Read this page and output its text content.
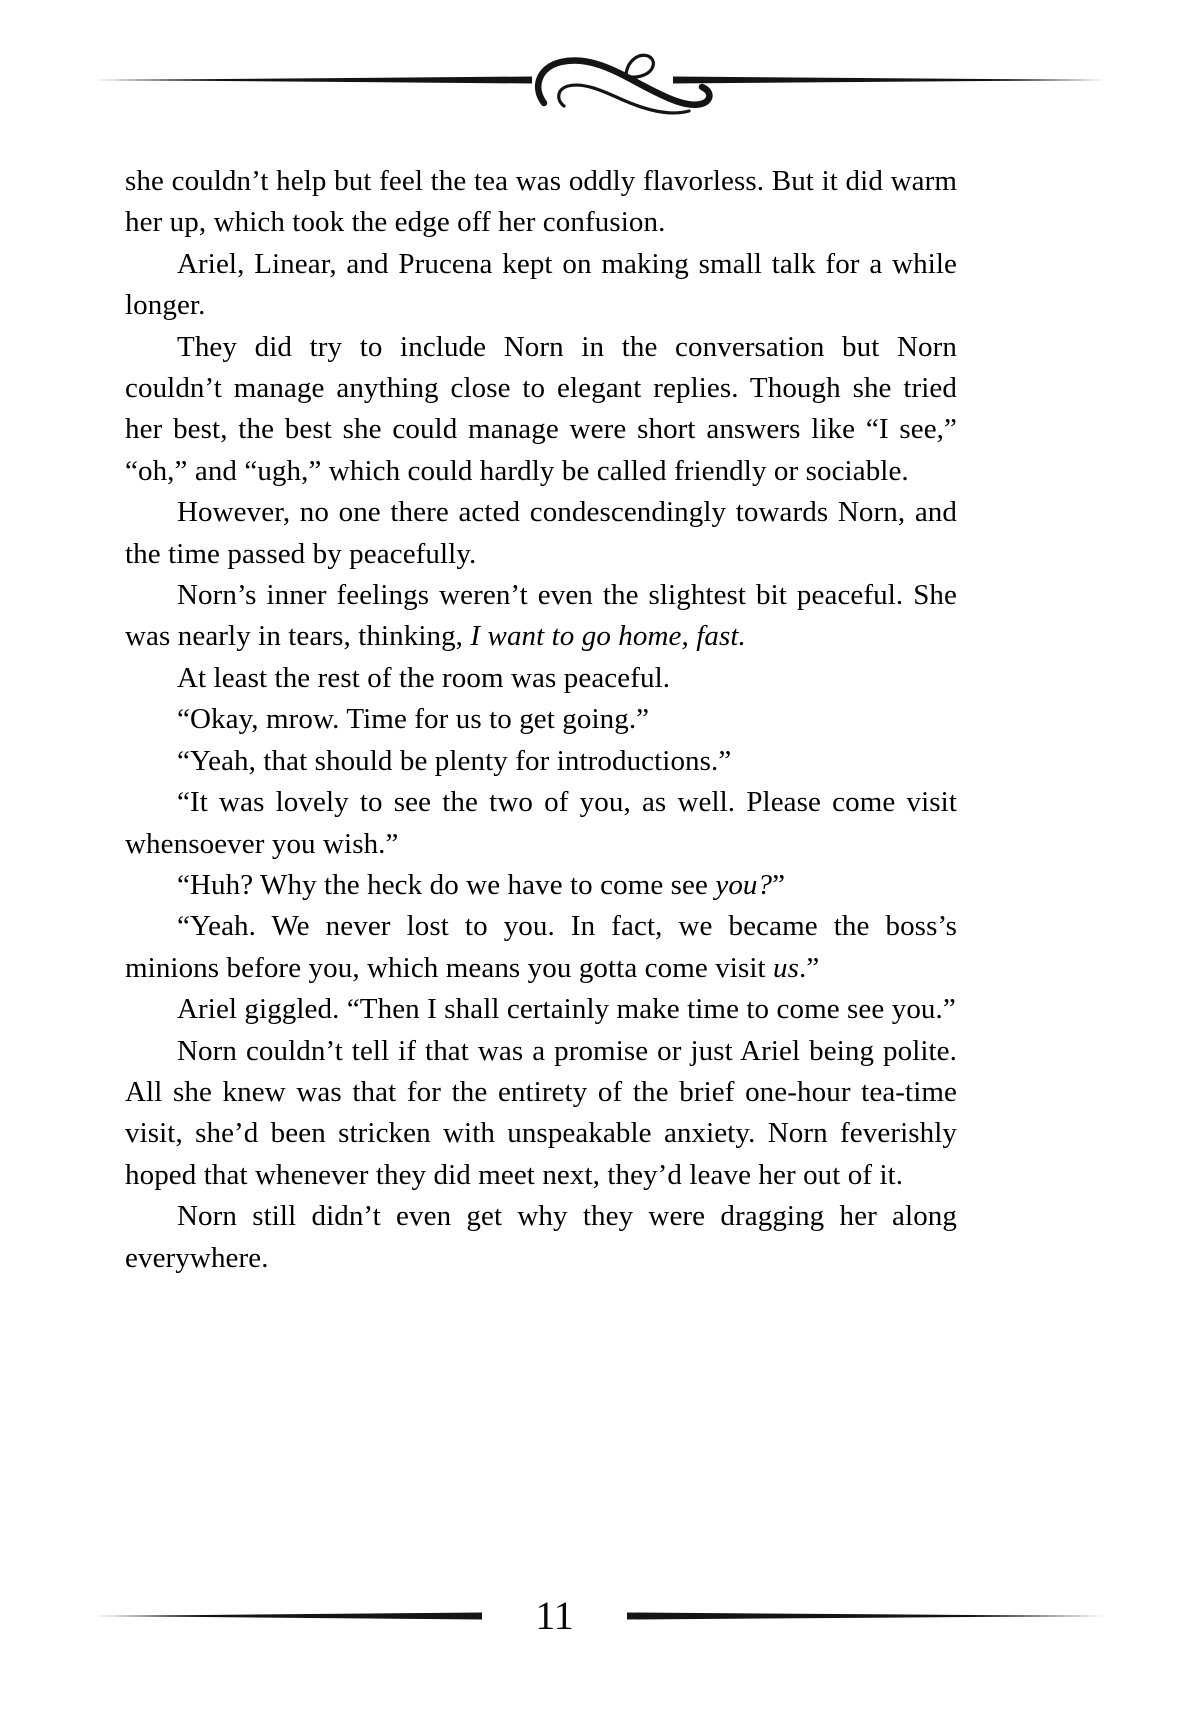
she couldn’t help but feel the tea was oddly flavorless. But it did warm her up, which took the edge off her confusion.

Ariel, Linear, and Prucena kept on making small talk for a while longer.

They did try to include Norn in the conversation but Norn couldn’t manage anything close to elegant replies. Though she tried her best, the best she could manage were short answers like “I see,” “oh,” and “ugh,” which could hardly be called friendly or sociable.

However, no one there acted condescendingly towards Norn, and the time passed by peacefully.

Norn’s inner feelings weren’t even the slightest bit peaceful. She was nearly in tears, thinking, I want to go home, fast.

At least the rest of the room was peaceful.

“Okay, mrow. Time for us to get going.”

“Yeah, that should be plenty for introductions.”

“It was lovely to see the two of you, as well. Please come visit whensoever you wish.”

“Huh? Why the heck do we have to come see you?”

“Yeah. We never lost to you. In fact, we became the boss’s minions before you, which means you gotta come visit us.”

Ariel giggled. “Then I shall certainly make time to come see you.”

Norn couldn’t tell if that was a promise or just Ariel being polite. All she knew was that for the entirety of the brief one-hour tea-time visit, she’d been stricken with unspeakable anxiety. Norn feverishly hoped that whenever they did meet next, they’d leave her out of it.

Norn still didn’t even get why they were dragging her along everywhere.

11
